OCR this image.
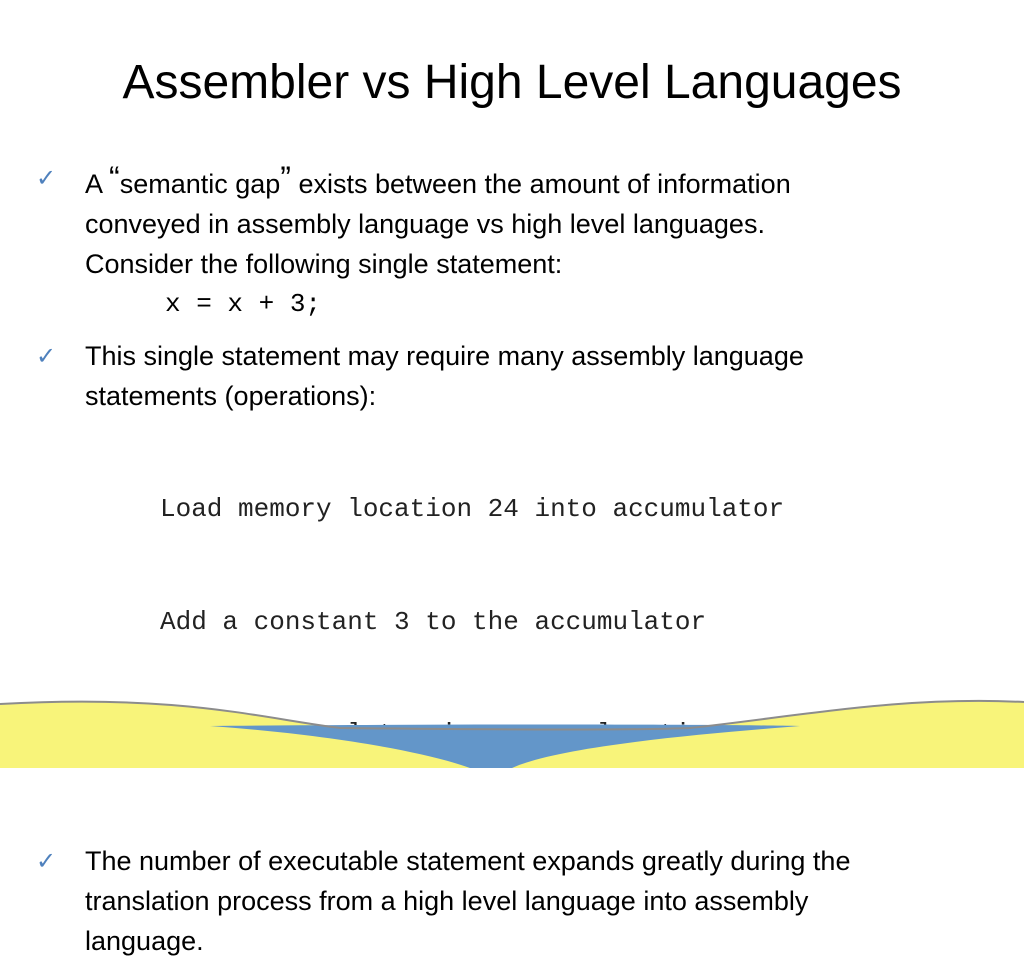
Assembler vs High Level Languages
✓ A “semantic gap” exists between the amount of information
conveyed in assembly language vs high level languages.
Consider the following single statement:
x = x + 3;
✓ This single statement may require many assembly language
statements (operations):

Load memory location 24 into accumulator

Add a constant 3 to the accumulator

✓ The number of executable statement expands greatly during the
translation process from a high level language into assembly
language.
